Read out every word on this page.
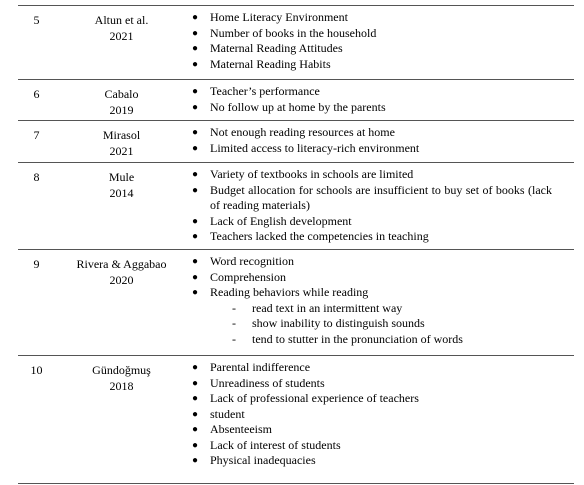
5	Altun et al.
2021
● Home Literacy Environment
● Number of books in the household
● Maternal Reading Attitudes
● Maternal Reading Habits
6	Cabalo
2019
● Teacher’s performance
● No follow up at home by the parents
7	Mirasol
2021
● Not enough reading resources at home
● Limited access to literacy-rich environment
8	Mule
2014
● Variety of textbooks in schools are limited
● Budget allocation for schools are insufficient to buy set of books (lack of reading materials)
● Lack of English development
● Teachers lacked the competencies in teaching
9	Rivera & Aggabao
2020
● Word recognition
● Comprehension
● Reading behaviors while reading
- read text in an intermittent way
- show inability to distinguish sounds
- tend to stutter in the pronunciation of words
10	Gündoğmuş
2018
● Parental indifference
● Unreadiness of students
● Lack of professional experience of teachers
● student
● Absenteeism
● Lack of interest of students
● Physical inadequacies
